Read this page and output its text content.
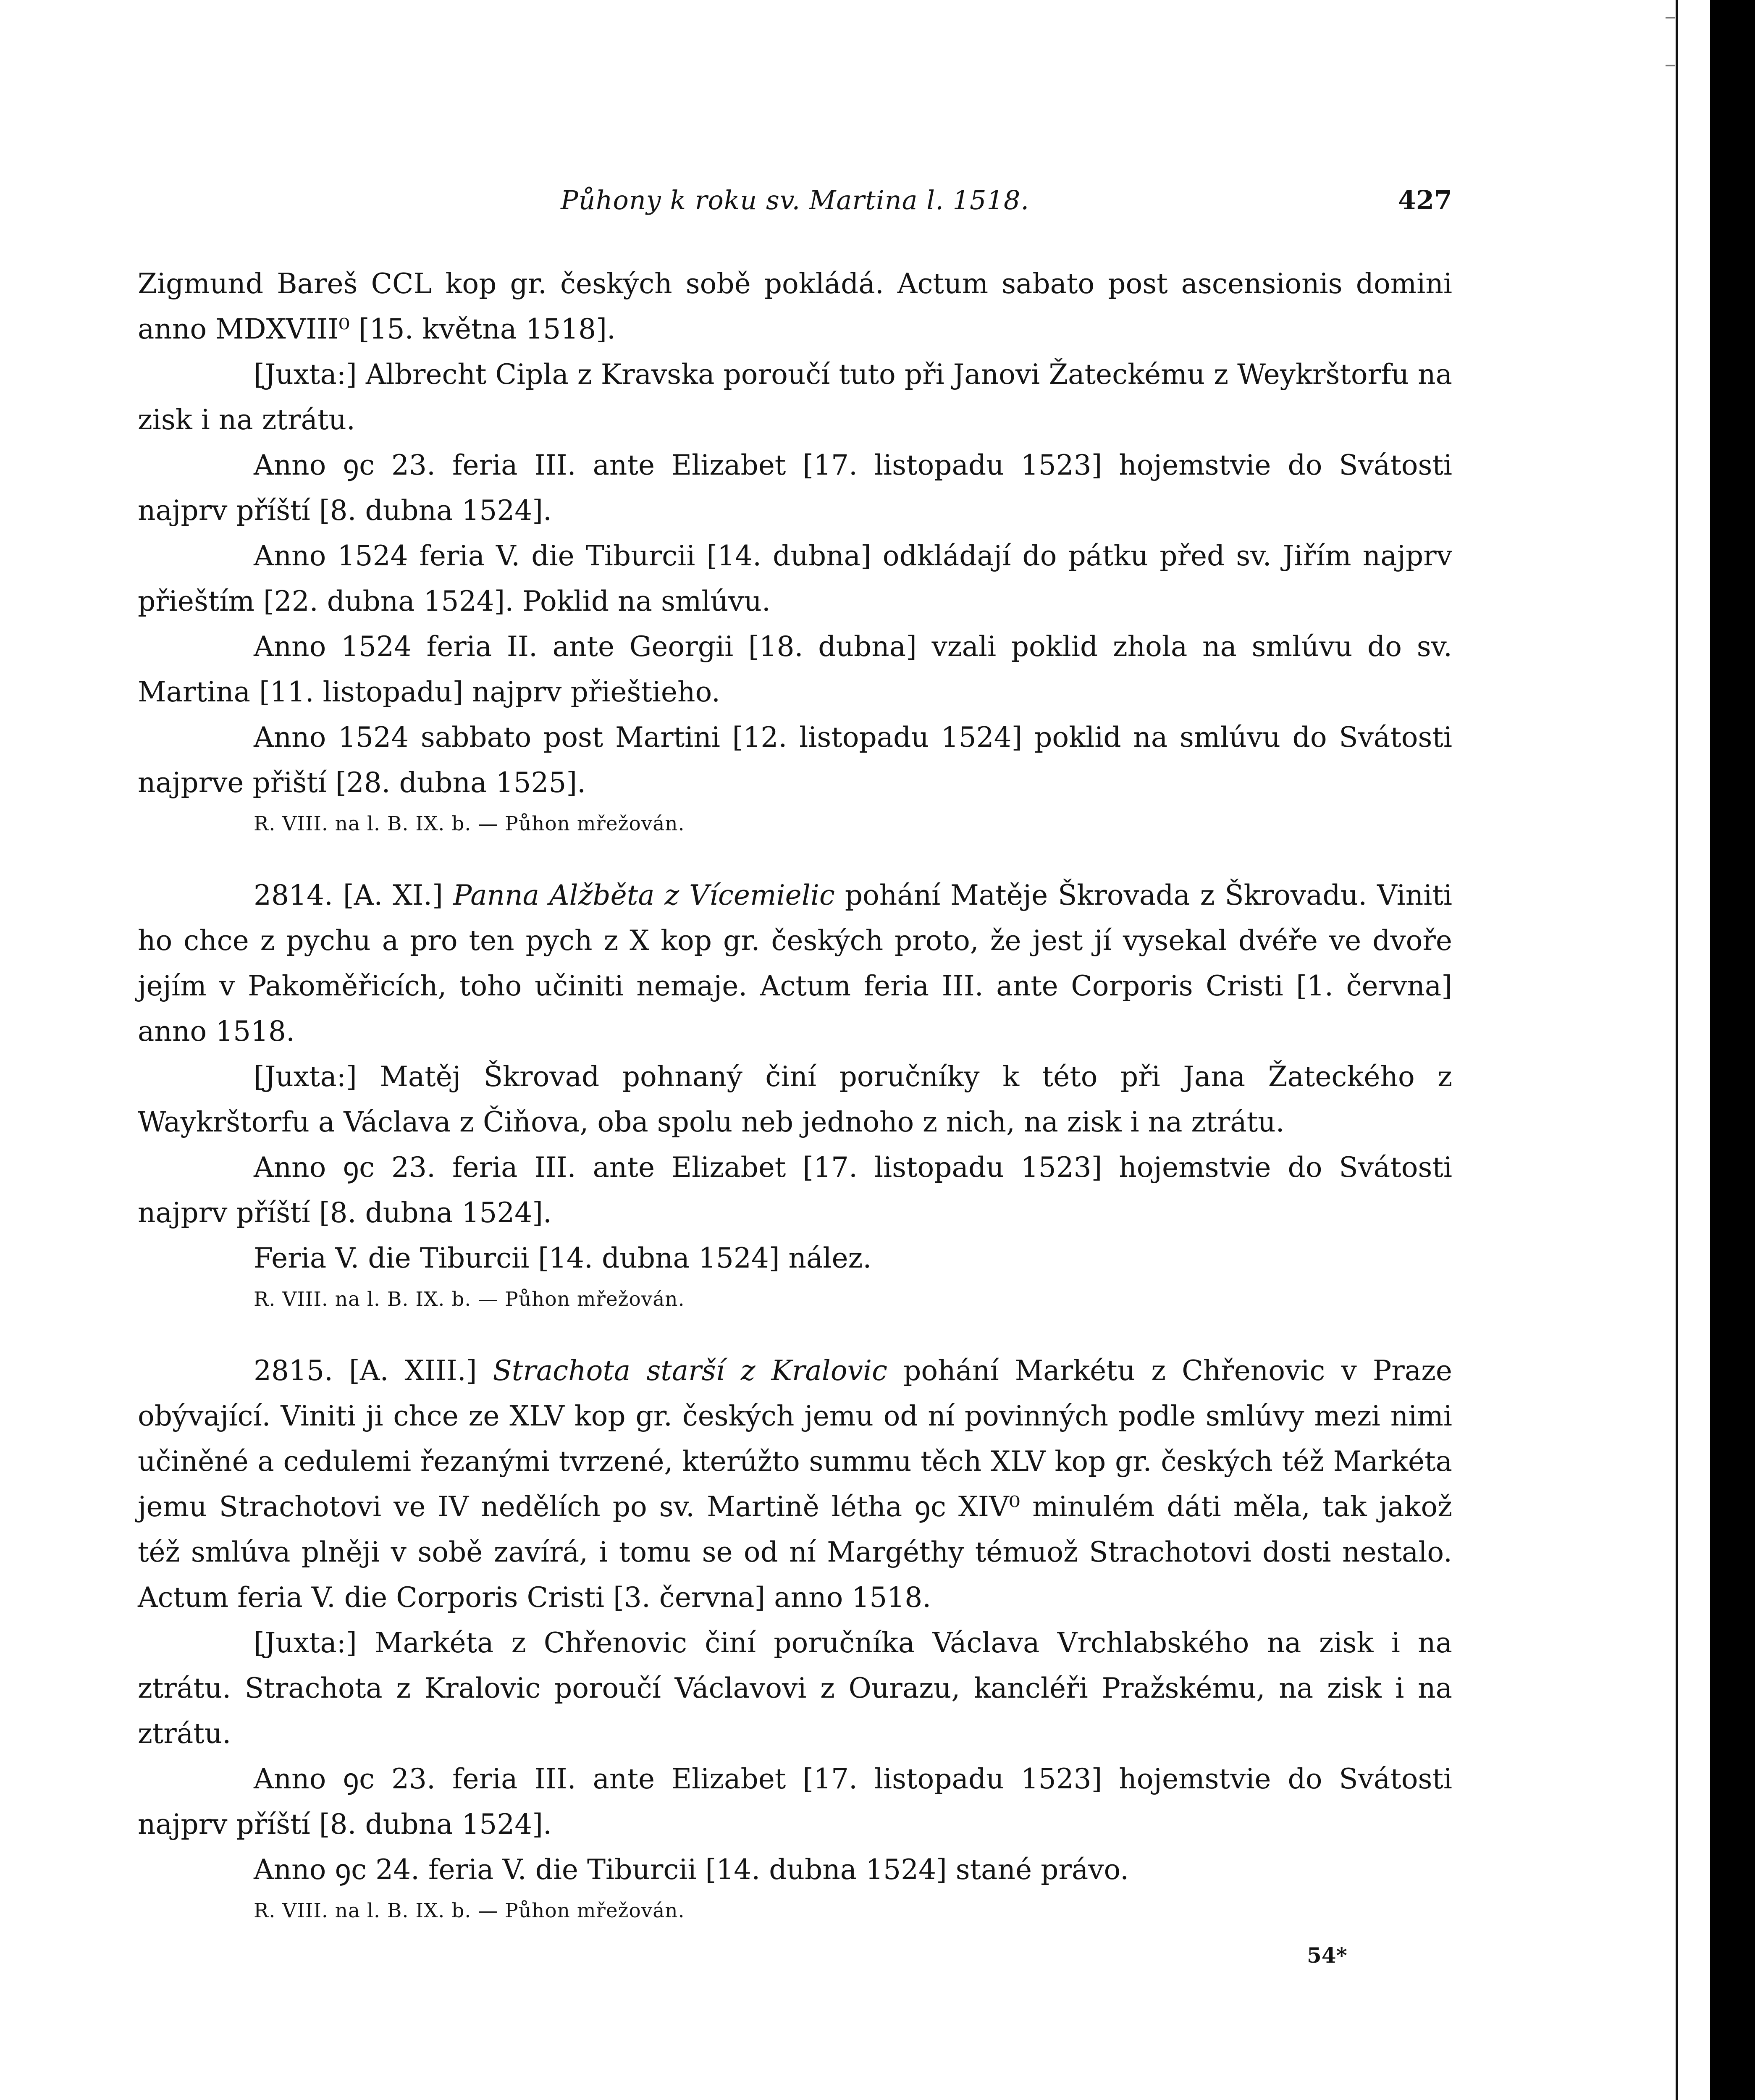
Půhony k roku sv. Martina l. 1518.	427

Zigmund Bareš CCL kop gr. českých sobě pokládá. Actum sabato post ascensionis domini anno MDXVIII⁰ [15. května 1518].

[Juxta:] Albrecht Cipla z Kravska poroučí tuto při Janovi Žateckému z Weykrštorfu na zisk i na ztrátu.

Anno ꝯc 23. feria III. ante Elizabet [17. listopadu 1523] hojemstvie do Svátosti najprv příští [8. dubna 1524].

Anno 1524 feria V. die Tiburcii [14. dubna] odkládají do pátku před sv. Jiřím najprv přieštím [22. dubna 1524]. Poklid na smlúvu.

Anno 1524 feria II. ante Georgii [18. dubna] vzali poklid zhola na smlúvu do sv. Martina [11. listopadu] najprv přieštieho.

Anno 1524 sabbato post Martini [12. listopadu 1524] poklid na smlúvu do Svátosti najprve přiští [28. dubna 1525].

R. VIII. na l. B. IX. b. — Půhon mřežován.

2814. [A. XI.] Panna Alžběta z Vícemielic pohání Matěje Škrovada z Škrovadu. Viniti ho chce z pychu a pro ten pych z X kop gr. českých proto, že jest jí vysekal dvéře ve dvoře jejím v Pakoměřicích, toho učiniti nemaje. Actum feria III. ante Corporis Cristi [1. června] anno 1518.

[Juxta:] Matěj Škrovad pohnaný činí poručníky k této při Jana Žateckého z Waykrštorfu a Václava z Čiňova, oba spolu neb jednoho z nich, na zisk i na ztrátu.

Anno ꝯc 23. feria III. ante Elizabet [17. listopadu 1523] hojemstvie do Svátosti najprv příští [8. dubna 1524].

Feria V. die Tiburcii [14. dubna 1524] nález.

R. VIII. na l. B. IX. b. — Půhon mřežován.

2815. [A. XIII.] Strachota starší z Kralovic pohání Markétu z Chřenovic v Praze obývající. Viniti ji chce ze XLV kop gr. českých jemu od ní povinných podle smlúvy mezi nimi učiněné a cedulemi řezanými tvrzené, kterúžto summu těch XLV kop gr. českých též Markéta jemu Strachotovi ve IV nedělích po sv. Martině létha ꝯc XIV⁰ minulém dáti měla, tak jakož též smlúva plněji v sobě zavírá, i tomu se od ní Margéthy témuož Strachotovi dosti nestalo. Actum feria V. die Corporis Cristi [3. června] anno 1518.

[Juxta:] Markéta z Chřenovic činí poručníka Václava Vrchlabského na zisk i na ztrátu. Strachota z Kralovic poroučí Václavovi z Ourazu, kancléři Pražskému, na zisk i na ztrátu.

Anno ꝯc 23. feria III. ante Elizabet [17. listopadu 1523] hojemstvie do Svátosti najprv příští [8. dubna 1524].

Anno ꝯc 24. feria V. die Tiburcii [14. dubna 1524] stané právo.

R. VIII. na l. B. IX. b. — Půhon mřežován.

54*
